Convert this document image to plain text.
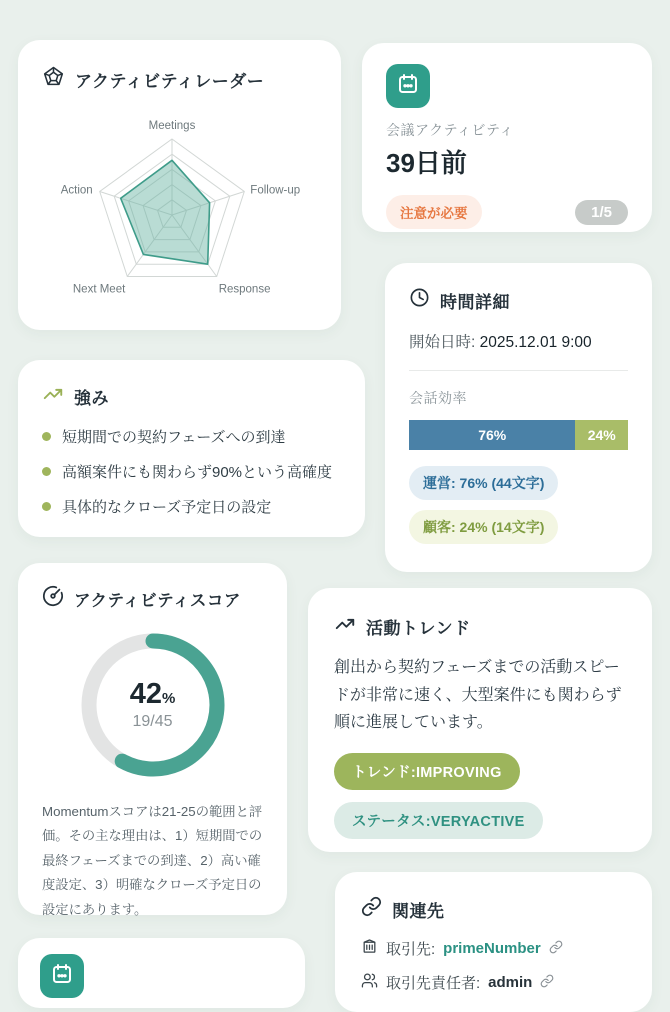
アクティビティレーダー
Meetings
Follow-up
Response
Next Meet
Action
会議アクティビティ
39日前
注意が必要	1/5
時間詳細
開始日時: 2025.12.01 9:00
会話効率
76%	24%
運営: 76% (44文字)
顧客: 24% (14文字)
強み
短期間での契約フェーズへの到達
高額案件にも関わらず90%という高確度
具体的なクローズ予定日の設定
アクティビティスコア
42%
19/45

Momentumスコアは21-25の範囲と評価。その主な理由は、1）短期間での最終フェーズまでの到達、2）高い確度設定、3）明確なクローズ予定日の設定にあります。

活動トレンド

創出から契約フェーズまでの活動スピードが非常に速く、大型案件にも関わらず順に進展しています。

トレンド:IMPROVING
ステータス:VERYACTIVE
関連先
取引先: primeNumber
取引先責任者: admin
